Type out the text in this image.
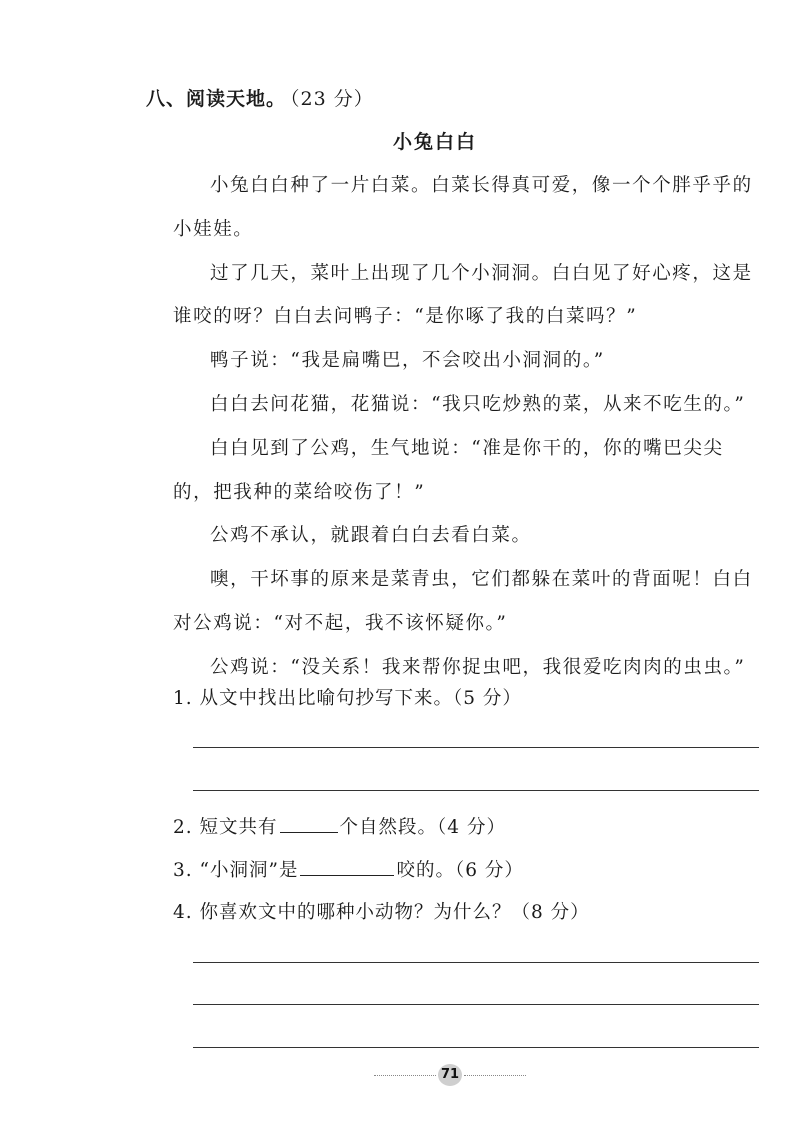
八、阅读天地。 （23 分）
小兔白白

小兔白白种了一片白菜。白菜长得真可爱，像一个个胖乎乎的小娃娃。

过了几天，菜叶上出现了几个小洞洞。白白见了好心疼，这是谁咬的呀？白白去问鸭子：“是你啄了我的白菜吗？”

鸭子说：“我是扁嘴巴，不会咬出小洞洞的。”

白白去问花猫，花猫说：“我只吃炒熟的菜，从来不吃生的。”

白白见到了公鸡，生气地说：“准是你干的，你的嘴巴尖尖的，把我种的菜给咬伤了！”

公鸡不承认，就跟着白白去看白菜。

噢，干坏事的原来是菜青虫，它们都躲在菜叶的背面呢！白白对公鸡说：“对不起，我不该怀疑你。”

公鸡说：“没关系！我来帮你捉虫吧，我很爱吃肉肉的虫虫。”

1. 从文中找出比喻句抄写下来。（5 分）
2. 短文共有	个自然段。（4 分）
3. “小洞洞”是	咬的。（6 分）
4. 你喜欢文中的哪种小动物？为什么？（8 分）
71
